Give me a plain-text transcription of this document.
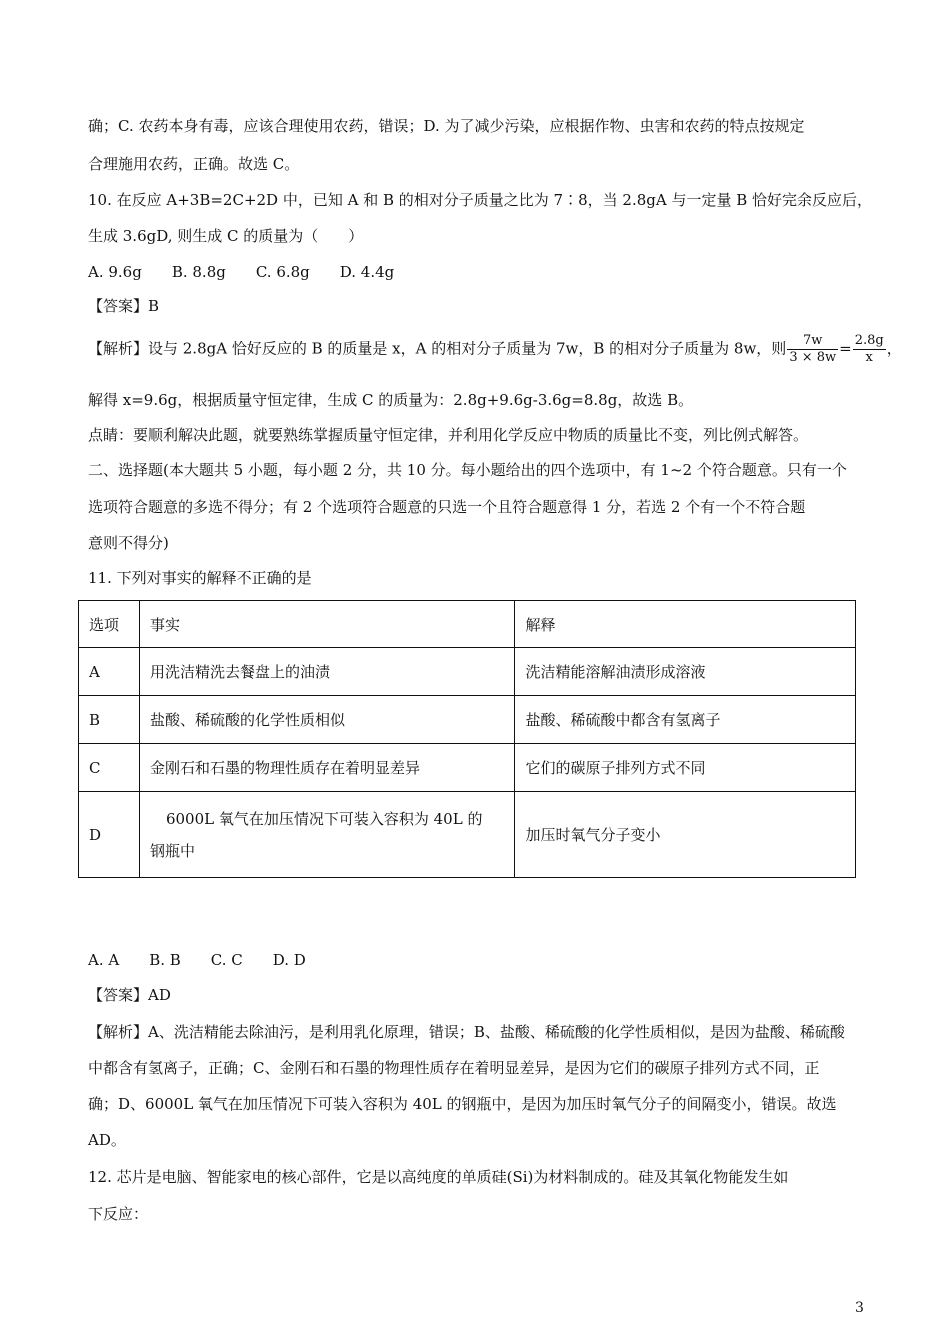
确；C. 农药本身有毒，应该合理使用农药，错误；D. 为了减少污染，应根据作物、虫害和农药的特点按规定
合理施用农药，正确。故选 C。
10. 在反应 A+3B=2C+2D 中，已知 A 和 B 的相对分子质量之比为 7∶8，当 2.8gA 与一定量 B 恰好完余反应后，
生成 3.6gD, 则生成 C 的质量为（　　）
A. 9.6g　　B. 8.8g　　C. 6.8g　　D. 4.4g
【答案】B
【解析】设与 2.8gA 恰好反应的 B 的质量是 x，A 的相对分子质量为 7w，B 的相对分子质量为 8w，则 $\frac{7w}{3 \times 8w} = \frac{2.8g}{x}$ ，
解得 x=9.6g，根据质量守恒定律，生成 C 的质量为：2.8g+9.6g-3.6g=8.8g，故选 B。
点睛：要顺利解决此题，就要熟练掌握质量守恒定律，并利用化学反应中物质的质量比不变，列比例式解答。
二、选择题(本大题共 5 小题，每小题 2 分，共 10 分。每小题给出的四个选项中，有 1~2 个符合题意。只有一个
选项符合题意的多选不得分；有 2 个选项符合题意的只选一个且符合题意得 1 分，若选 2 个有一个不符合题
意则不得分)
11. 下列对事实的解释不正确的是
选项	事实	解释
A	用洗洁精洗去餐盘上的油渍	洗洁精能溶解油渍形成溶液
B	盐酸、稀硫酸的化学性质相似	盐酸、稀硫酸中都含有氢离子
C	金刚石和石墨的物理性质存在着明显差异	它们的碳原子排列方式不同
D	6000L 氧气在加压情况下可装入容积为 40L 的
钢瓶中	加压时氧气分子变小
A. A　　B. B　　C. C　　D. D
【答案】AD
【解析】A、洗洁精能去除油污，是利用乳化原理，错误；B、盐酸、稀硫酸的化学性质相似，是因为盐酸、稀硫酸
中都含有氢离子，正确；C、金刚石和石墨的物理性质存在着明显差异，是因为它们的碳原子排列方式不同，正
确；D、6000L 氧气在加压情况下可装入容积为 40L 的钢瓶中，是因为加压时氧气分子的间隔变小，错误。故选
AD。
12. 芯片是电脑、智能家电的核心部件，它是以高纯度的单质硅(Si)为材料制成的。硅及其氧化物能发生如
下反应：
3
